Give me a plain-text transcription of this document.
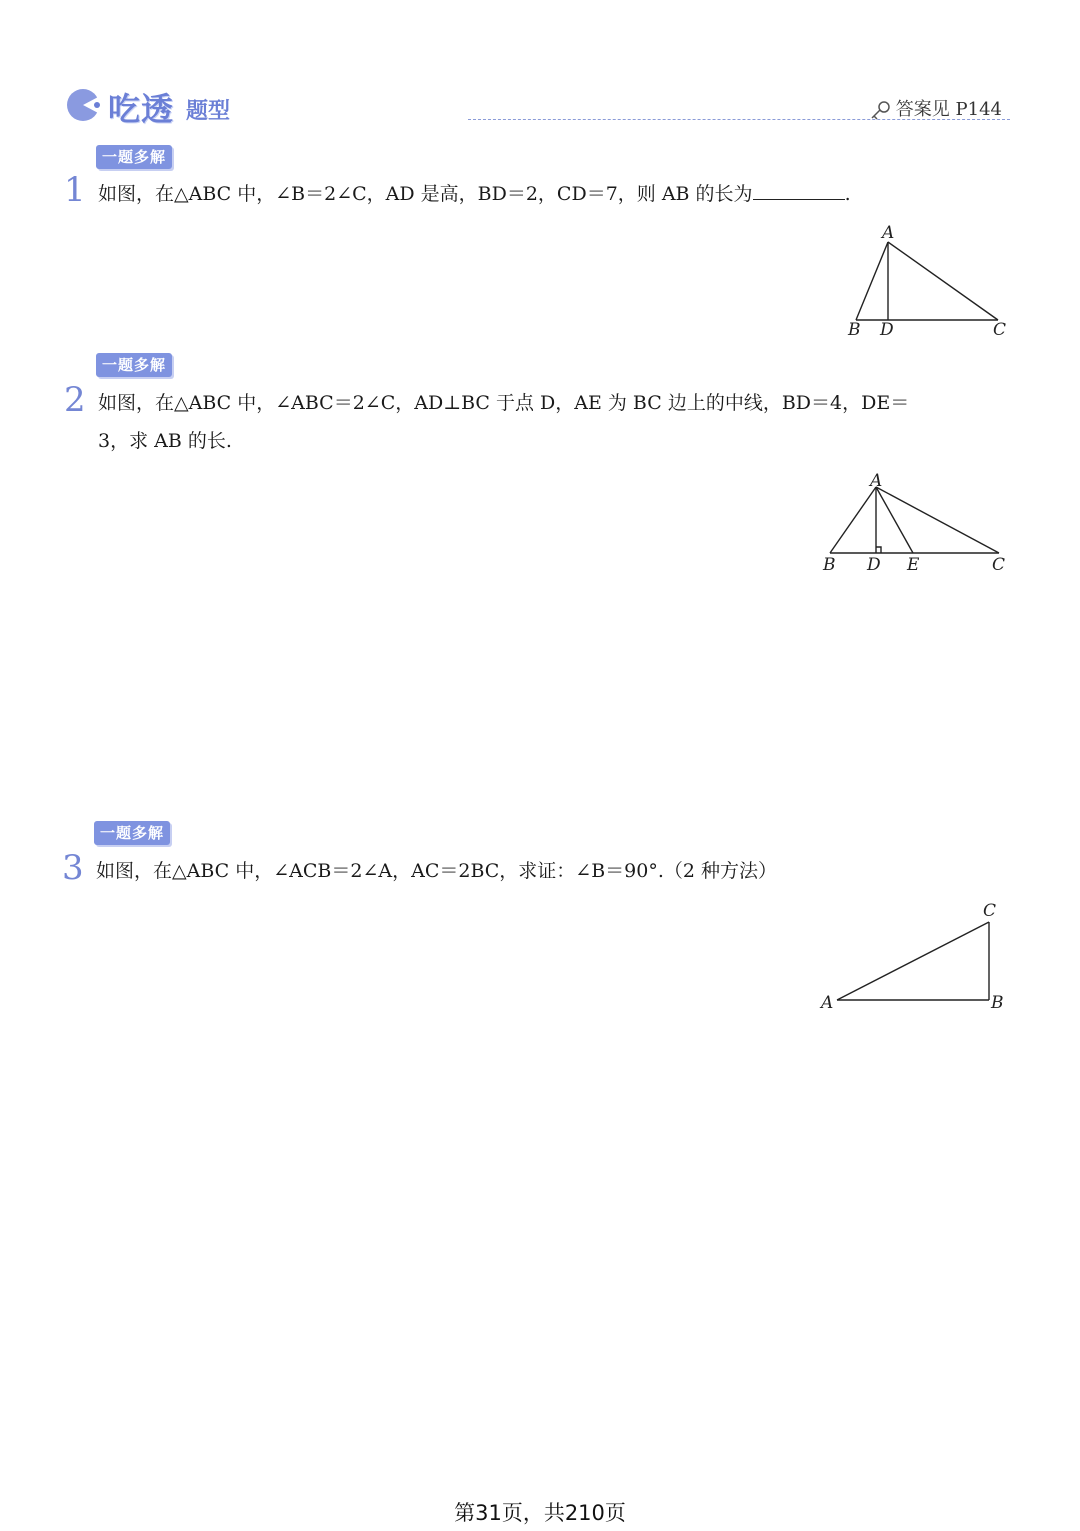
吃透 题型	答案见 P144
一题多解
1 如图，在△ABC 中，∠B＝2∠C，AD 是高，BD＝2，CD＝7，则 AB 的长为	.
A
B D	C
一题多解
2 如图，在△ABC 中，∠ABC＝2∠C，AD⊥BC 于点 D，AE 为 BC 边上的中线，BD＝4，DE＝
3，求 AB 的长.
A
B D E	C
一题多解
3 如图，在△ABC 中，∠ACB＝2∠A，AC＝2BC，求证：∠B＝90°.（2 种方法）
C
A	B
第31页，共210页
